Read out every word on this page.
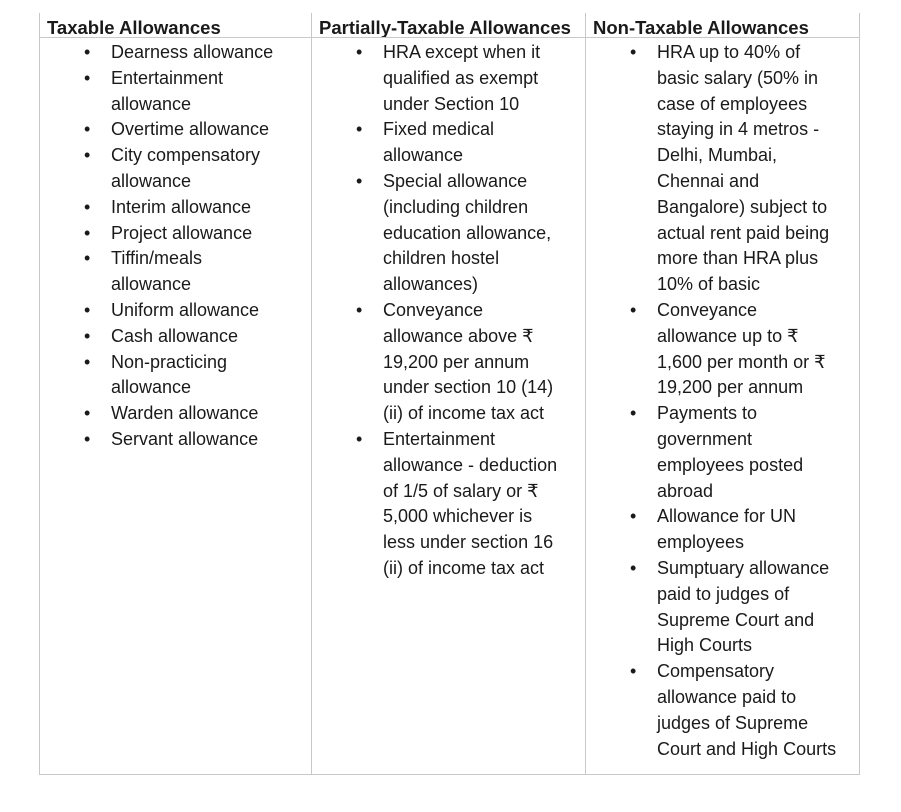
Taxable Allowances
• Dearness allowance
• Entertainment
allowance
• Overtime allowance
• City compensatory
allowance
• Interim allowance
• Project allowance
• Tiffin/meals
allowance
• Uniform allowance
• Cash allowance
• Non-practicing
allowance
• Warden allowance
• Servant allowance
Partially-Taxable Allowances
• HRA except when it
qualified as exempt
under Section 10
• Fixed medical
allowance
• Special allowance
(including children
education allowance,
children hostel
allowances)
• Conveyance
allowance above ₹
19,200 per annum
under section 10 (14)
(ii) of income tax act
• Entertainment
allowance - deduction
of 1/5 of salary or ₹
5,000 whichever is
less under section 16
(ii) of income tax act
Non-Taxable Allowances
• HRA up to 40% of
basic salary (50% in
case of employees
staying in 4 metros -
Delhi, Mumbai,
Chennai and
Bangalore) subject to
actual rent paid being
more than HRA plus
10% of basic
• Conveyance
allowance up to ₹
1,600 per month or ₹
19,200 per annum
• Payments to
government
employees posted
abroad
• Allowance for UN
employees
• Sumptuary allowance
paid to judges of
Supreme Court and
High Courts
• Compensatory
allowance paid to
judges of Supreme
Court and High Courts
